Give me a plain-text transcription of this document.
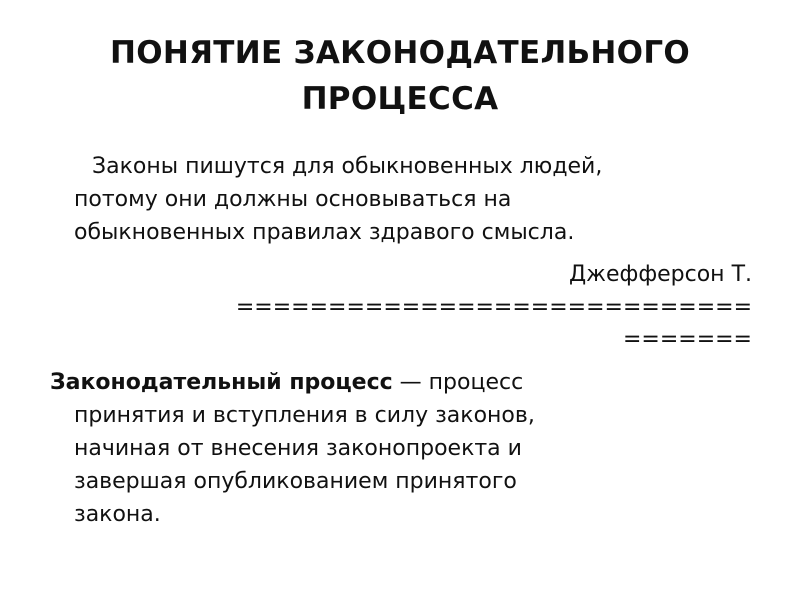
ПОНЯТИЕ ЗАКОНОДАТЕЛЬНОГО
ПРОЦЕССА
Законы пишутся для обыкновенных людей,
потому они должны основываться на
обыкновенных правилах здравого смысла.
Джефферсон Т.
============================
=======
Законодательный процесс — процесс
принятия и вступления в силу законов,
начиная от внесения законопроекта и
завершая опубликованием принятого
закона.
